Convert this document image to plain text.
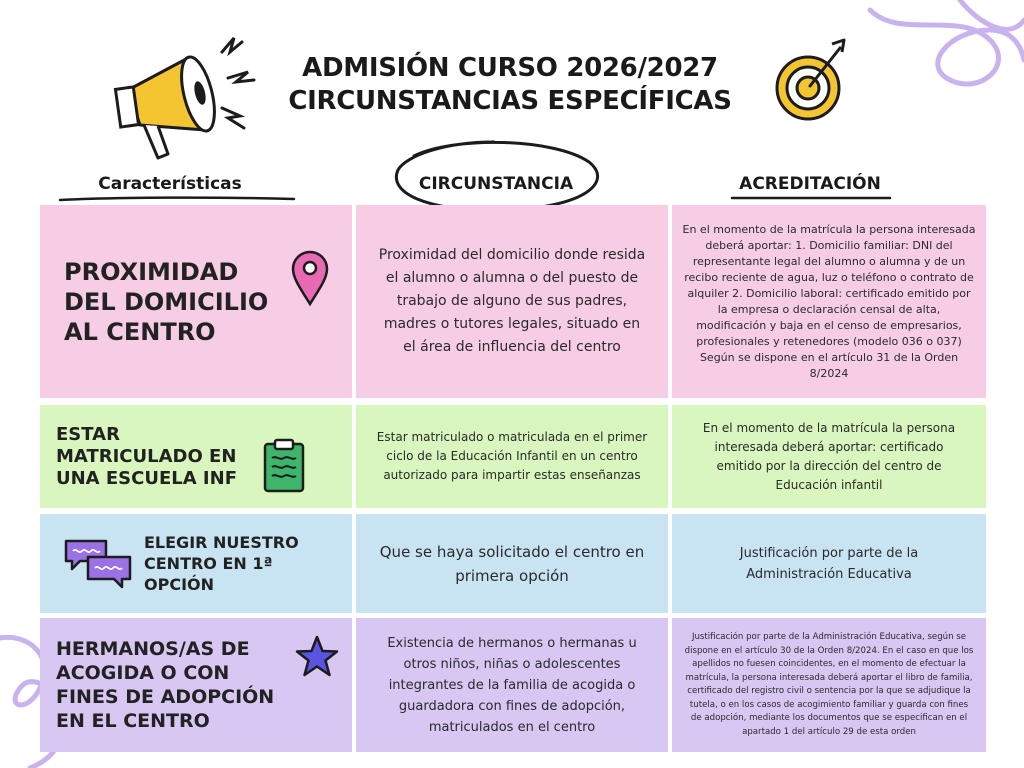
ADMISIÓN CURSO 2026/2027
CIRCUNSTANCIAS ESPECÍFICAS
Características	CIRCUNSTANCIA	ACREDITACIÓN
PROXIMIDAD DEL DOMICILIO AL CENTRO
Proximidad del domicilio donde resida el alumno o alumna o del puesto de trabajo de alguno de sus padres, madres o tutores legales, situado en el área de influencia del centro
En el momento de la matrícula la persona interesada deberá aportar: 1. Domicilio familiar: DNI del representante legal del alumno o alumna y de un recibo reciente de agua, luz o teléfono o contrato de alquiler 2. Domicilio laboral: certificado emitido por la empresa o declaración censal de alta, modificación y baja en el censo de empresarios, profesionales y retenedores (modelo 036 o 037) Según se dispone en el artículo 31 de la Orden 8/2024
ESTAR MATRICULADO EN UNA ESCUELA INF
Estar matriculado o matriculada en el primer ciclo de la Educación Infantil en un centro autorizado para impartir estas enseñanzas
En el momento de la matrícula la persona interesada deberá aportar: certificado emitido por la dirección del centro de Educación infantil
ELEGIR NUESTRO CENTRO EN 1ª OPCIÓN
Que se haya solicitado el centro en primera opción
Justificación por parte de la Administración Educativa
HERMANOS/AS DE ACOGIDA O CON FINES DE ADOPCIÓN EN EL CENTRO
Existencia de hermanos o hermanas u otros niños, niñas o adolescentes integrantes de la familia de acogida o guardadora con fines de adopción, matriculados en el centro
Justificación por parte de la Administración Educativa, según se dispone en el artículo 30 de la Orden 8/2024. En el caso en que los apellidos no fuesen coincidentes, en el momento de efectuar la matrícula, la persona interesada deberá aportar el libro de familia, certificado del registro civil o sentencia por la que se adjudique la tutela, o en los casos de acogimiento familiar y guarda con fines de adopción, mediante los documentos que se especifican en el apartado 1 del artículo 29 de esta orden
